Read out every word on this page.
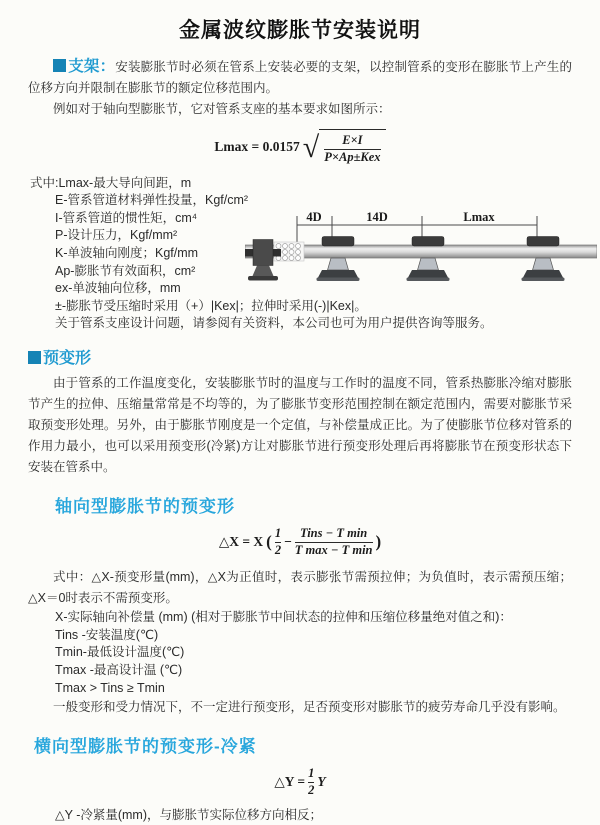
金属波纹膨胀节安装说明

支架：安装膨胀节时必须在管系上安装必要的支架，以控制管系的变形在膨胀节上产生的位移方向并限制在膨胀节的额定位移范围内。

例如对于轴向型膨胀节，它对管系支座的基本要求如图所示：

Lmax = 0.0157 √ $\frac{E\times I}{\text{P×Ap±Kex}}$

式中:Lmax-最大导向间距，m

E-管系管道材料弹性投量，Kgf/cm²

I-管系管道的惯性矩，cm⁴

P-设计压力，Kgf/mm²

K-单波轴向刚度；Kgf/mm

Ap-膨胀节有效面积，cm²

ex-单波轴向位移，mm

±-膨胀节受压缩时采用（+）|Kex|；拉伸时采用(-)|Kex|。

关于管系支座设计问题，请参阅有关资料，本公司也可为用户提供咨询等服务。

预变形

由于管系的工作温度变化，安装膨胀节时的温度与工作时的温度不同，管系热膨胀冷缩对膨胀节产生的拉伸、压缩量常常是不均等的，为了膨胀节变形范围控制在额定范围内，需要对膨胀节采取预变形处理。另外，由于膨胀节刚度是一个定值，与补偿量成正比。为了使膨胀节位移对管系的作用力最小，也可以采用预变形(冷紧)方让对膨胀节进行预变形处理后再将膨胀节在预变形状态下安装在管系中。

轴向型膨胀节的预变形
△X = X ( $\frac{1}{2} - \frac{\text{Tins − T min}}{\text{T max − T min}}$ )

式中：△X-预变形量(mm)，△X为正值时，表示膨张节需预拉伸；为负值时，表示需预压缩；△X＝0时表示不需预变形。

X-实际轴向补偿量 (mm) (相对于膨胀节中间状态的拉伸和压缩位移量绝对值之和)：

Tins -安装温度(℃)

Tmin-最低设计温度(℃)

Tmax -最高设计温 (℃)

Tmax > Tins ≥ Tmin

一般变形和受力情况下，不一定进行预变形，足否预变形对膨胀节的疲劳寿命几乎没有影响。

横向型膨胀节的预变形-冷紧
△Y = $\frac{1}{2}$ Y

△Y -冷紧量(mm)，与膨胀节实际位移方向相反；

4D	14D	Lmax
